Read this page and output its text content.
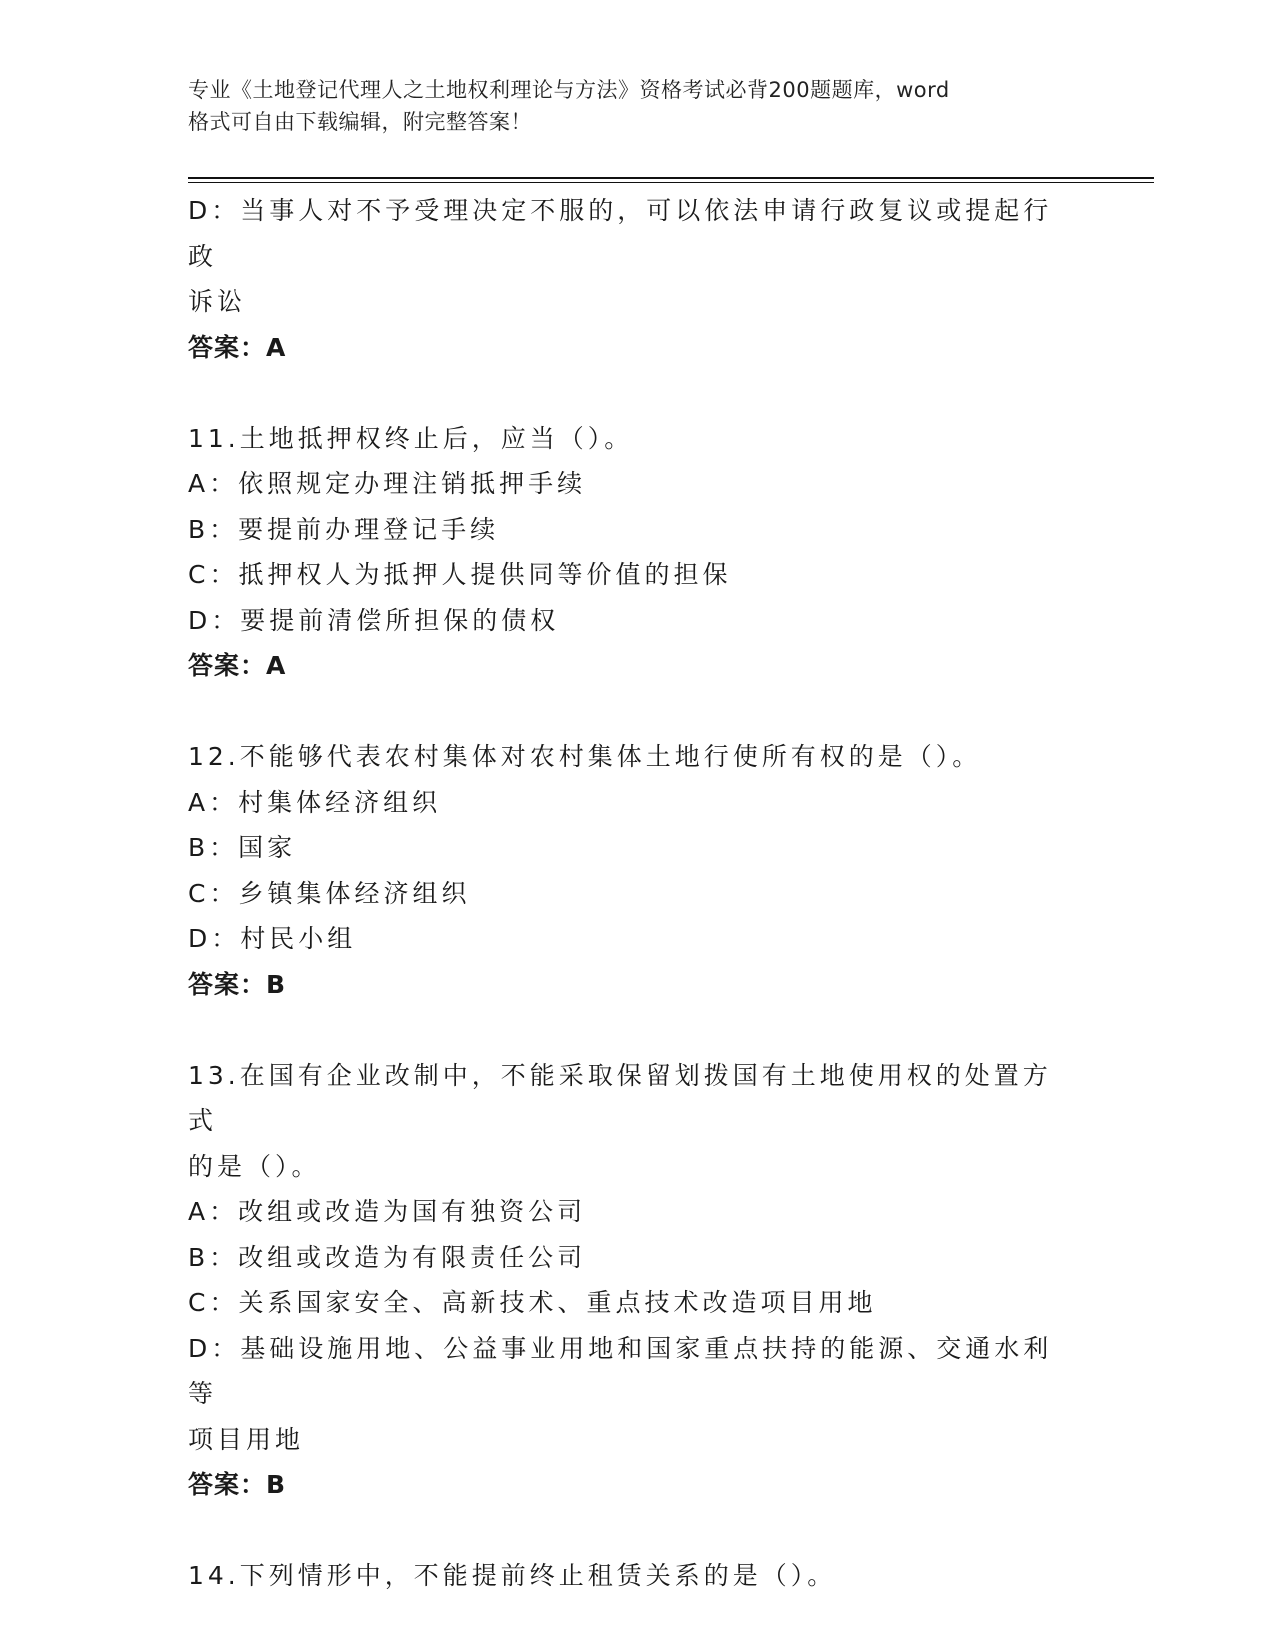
专业《土地登记代理人之土地权利理论与方法》资格考试必背200题题库，word
格式可自由下载编辑，附完整答案！
D：当事人对不予受理决定不服的，可以依法申请行政复议或提起行政
诉讼
答案：A
11.土地抵押权终止后，应当（）。
A：依照规定办理注销抵押手续
B：要提前办理登记手续
C：抵押权人为抵押人提供同等价值的担保
D：要提前清偿所担保的债权
答案：A
12.不能够代表农村集体对农村集体土地行使所有权的是（）。
A：村集体经济组织
B：国家
C：乡镇集体经济组织
D：村民小组
答案：B
13.在国有企业改制中，不能采取保留划拨国有土地使用权的处置方式
的是（）。
A：改组或改造为国有独资公司
B：改组或改造为有限责任公司
C：关系国家安全、高新技术、重点技术改造项目用地
D：基础设施用地、公益事业用地和国家重点扶持的能源、交通水利等
项目用地
答案：B
14.下列情形中，不能提前终止租赁关系的是（）。
